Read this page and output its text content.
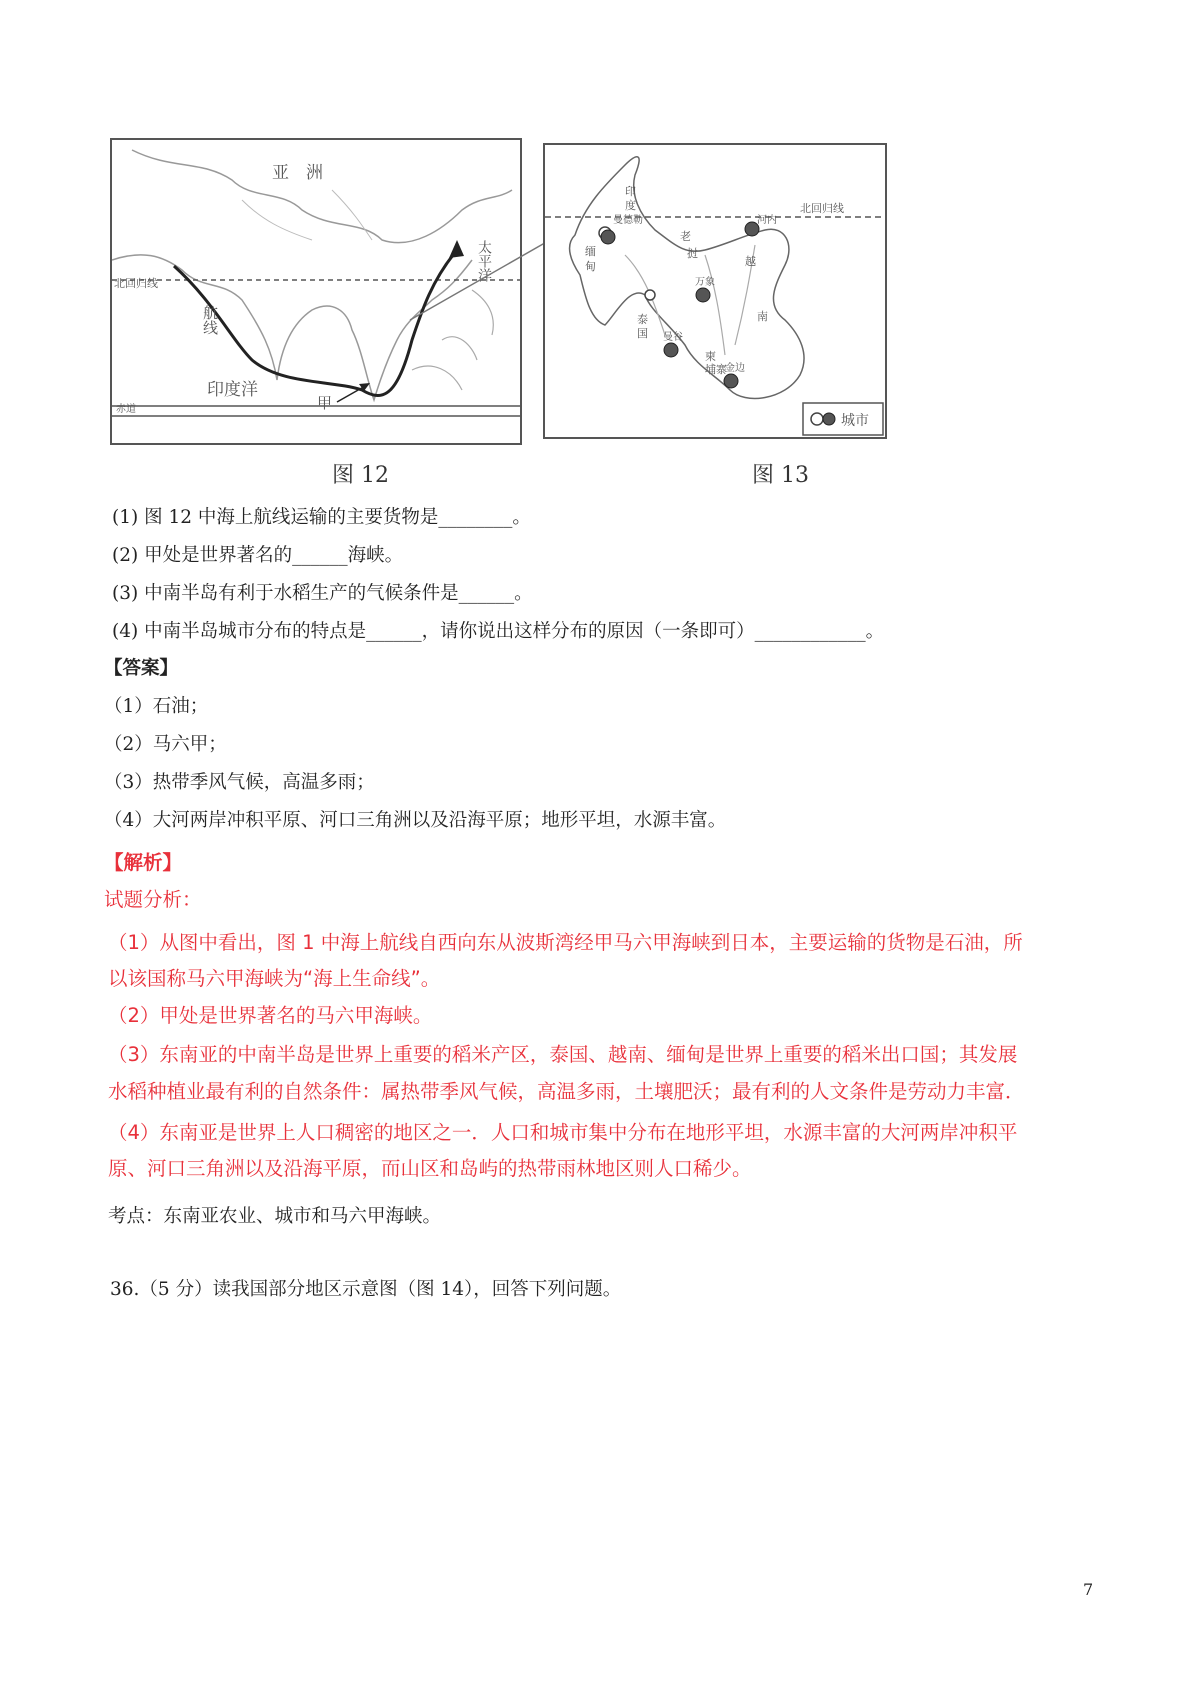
亚　洲
北回归线
太平洋
航线
印度洋
甲
赤道
图 12
北回归线
曼德勒	河内
万象
曼谷
金边
缅
甸
老
挝
泰
国
越
南
柬
埔寨
印
度
城市
图 13
(1) 图 12 中海上航线运输的主要货物是________。
(2) 甲处是世界著名的______海峡。
(3) 中南半岛有利于水稻生产的气候条件是______。
(4) 中南半岛城市分布的特点是______，请你说出这样分布的原因（一条即可）____________。
【答案】
（1）石油；
（2）马六甲；
（3）热带季风气候，高温多雨；
（4）大河两岸冲积平原、河口三角洲以及沿海平原；地形平坦，水源丰富。
【解析】
试题分析：
（1）从图中看出，图 1 中海上航线自西向东从波斯湾经甲马六甲海峡到日本，主要运输的货物是石油，所
以该国称马六甲海峡为“海上生命线”。
（2）甲处是世界著名的马六甲海峡。
（3）东南亚的中南半岛是世界上重要的稻米产区，泰国、越南、缅甸是世界上重要的稻米出口国；其发展
水稻种植业最有利的自然条件：属热带季风气候，高温多雨，土壤肥沃；最有利的人文条件是劳动力丰富．
（4）东南亚是世界上人口稠密的地区之一．人口和城市集中分布在地形平坦，水源丰富的大河两岸冲积平
原、河口三角洲以及沿海平原，而山区和岛屿的热带雨林地区则人口稀少。
考点：东南亚农业、城市和马六甲海峡。
36.（5 分）读我国部分地区示意图（图 14），回答下列问题。
7
